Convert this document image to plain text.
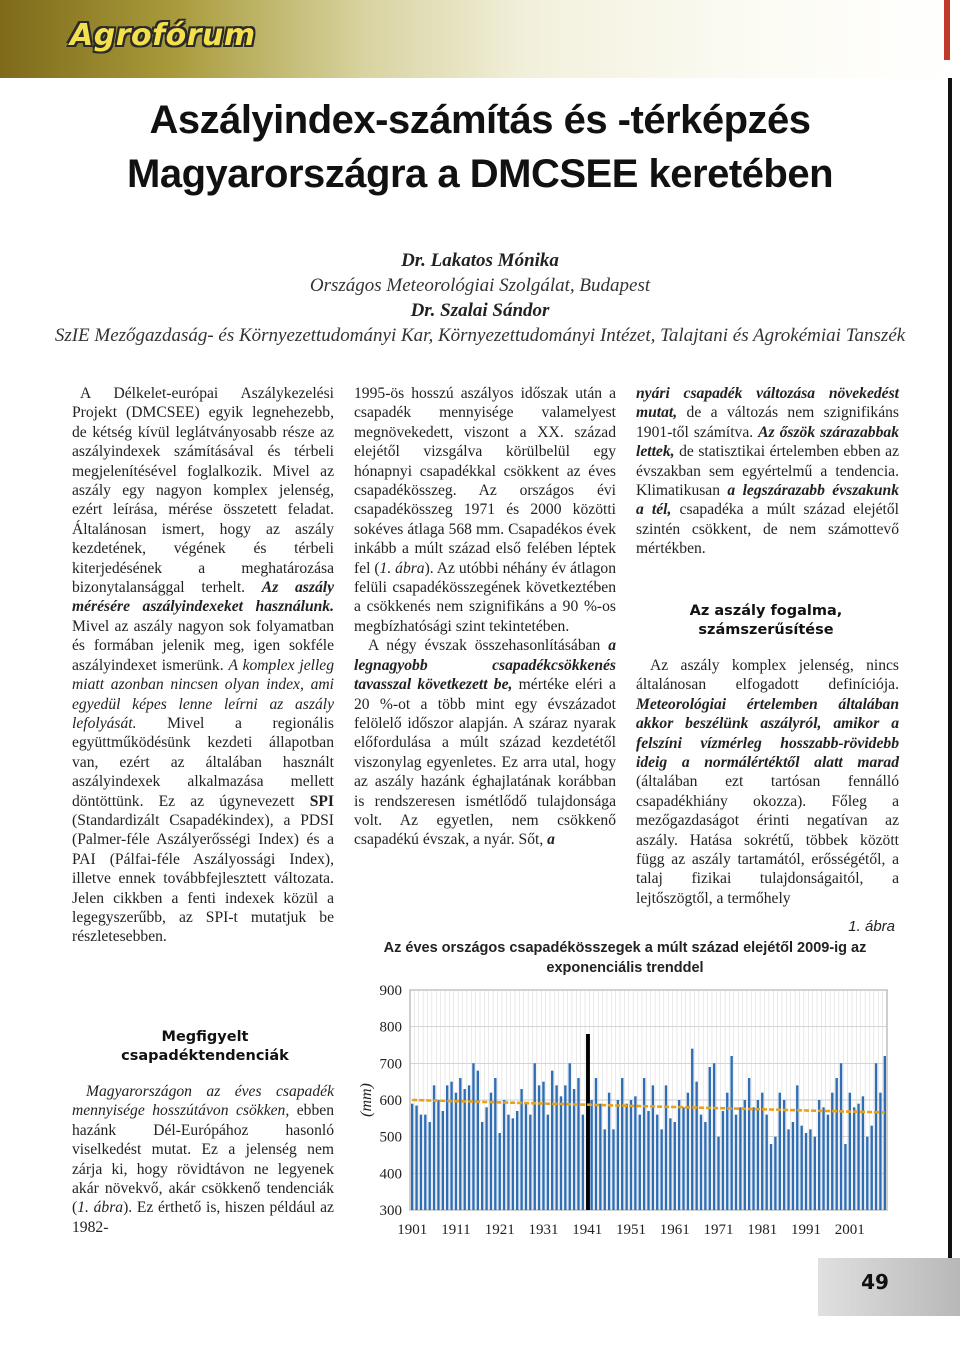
Agrofórum
Aszályindex-számítás és -térképzés
Magyarországra a DMCSEE keretében
Dr. Lakatos Mónika
Országos Meteorológiai Szolgálat, Budapest
Dr. Szalai Sándor
SzIE Mezőgazdaság- és Környezettudományi Kar, Környezettudományi Intézet, Talajtani és Agrokémiai Tanszék

A Délkelet-európai Aszálykezelési Projekt (DMCSEE) egyik legnehezebb, de kétség kívül leglátványosabb része az aszályindexek számításával és térbeli megjelenítésével foglalkozik. Mivel az aszály egy nagyon komplex jelenség, ezért leírása, mérése összetett feladat. Általánosan ismert, hogy az aszály kezdetének, végének és térbeli kiterjedésének a meghatározása bizonytalansággal terhelt. Az aszály mérésére aszályindexeket használunk. Mivel az aszály nagyon sok folyamatban és formában jelenik meg, igen sokféle aszályindexet ismerünk. A komplex jelleg miatt azonban nincsen olyan index, ami egyedül képes lenne leírni az aszály lefolyását. Mivel a regionális együttműködésünk kezdeti állapotban van, ezért az általában használt aszályindexek alkalmazása mellett döntöttünk. Ez az úgynevezett SPI (Standardizált Csapadékindex), a PDSI (Palmer-féle Aszályerősségi Index) és a PAI (Pálfai-féle Aszályossági Index), illetve ennek továbbfejlesztett változata. Jelen cikkben a fenti indexek közül a legegyszerűbb, az SPI-t mutatjuk be részletesebben.

Megfigyelt csapadéktendenciák

Magyarországon az éves csapadék mennyisége hosszútávon csökken, ebben hazánk Dél-Európához hasonló viselkedést mutat. Ez a jelenség nem zárja ki, hogy rövidtávon ne legyenek akár növekvő, akár csökkenő tendenciák (1. ábra). Ez érthető is, hiszen például az 1982-

1995-ös hosszú aszályos időszak után a csapadék mennyisége valamelyest megnövekedett, viszont a XX. század elejétől vizsgálva körülbelül egy hónapnyi csapadékkal csökkent az éves csapadékösszeg. Az országos évi csapadékösszeg 1971 és 2000 közötti sokéves átlaga 568 mm. Csapadékos évek inkább a múlt század első felében léptek fel (1. ábra). Az utóbbi néhány év átlagon felüli csapadékösszegének következtében a csökkenés nem szignifikáns a 90 %-os megbízhatósági szint tekintetében.

A négy évszak összehasonlításában a legnagyobb csapadékcsökkenés tavasszal következett be, mértéke eléri a 20 %-ot a több mint egy évszázadot felölelő időszor alapján. A száraz nyarak előfordulása a múlt század kezdetétől viszonylag egyenletes. Ez arra utal, hogy az aszály hazánk éghajlatának korábban is rendszeresen ismétlődő tulajdonsága volt. Az egyetlen, nem csökkenő csapadékú évszak, a nyár. Sőt, a

nyári csapadék változása növekedést mutat, de a változás nem szignifikáns 1901-től számítva. Az őszök szárazabbak lettek, de statisztikai értelemben ebben az évszakban sem egyértelmű a tendencia. Klimatikusan a legszárazabb évszakunk a tél, csapadéka a múlt század elejétől szintén csökkent, de nem számottevő mértékben.

Az aszály fogalma, számszerűsítése

Az aszály komplex jelenség, nincs általánosan elfogadott definíciója. Meteorológiai értelemben általában akkor beszélünk aszályról, amikor a felszíni vízmérleg hosszabb-rövidebb ideig a normálértéktől alatt marad (általában ezt tartósan fennálló csapadékhiány okozza). Főleg a mezőgazdaságot érinti negatívan az aszály. Hatása sokrétű, többek között függ az aszály tartamától, erősségétől, a talaj fizikai tulajdonságaitól, a lejtőszögtől, a termőhely

1. ábra
Az éves országos csapadékösszegek a múlt század elejétől 2009-ig az exponenciális trenddel
300
400
500
600
700
800
900
1901 1911 1921 1931 1941 1951 1961 1971 1981 1991 2001
(mm)
49
